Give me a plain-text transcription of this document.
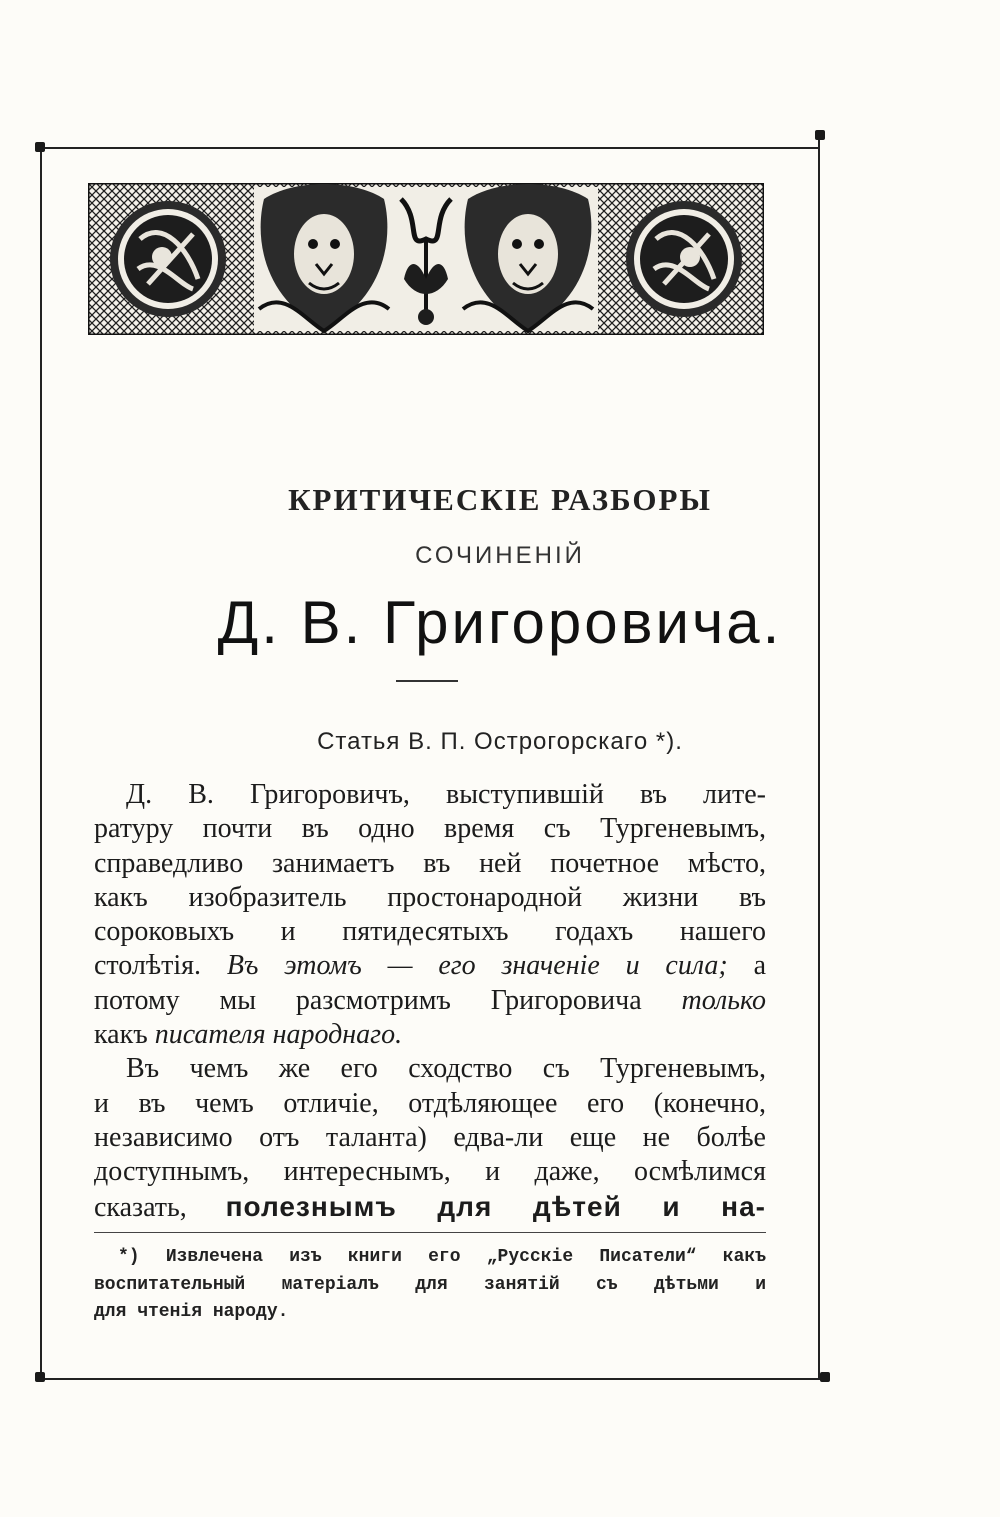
КРИТИЧЕСКІЕ РАЗБОРЫ
СОЧИНЕНІЙ
Д. В. Григоровича.
Статья В. П. Острогорскаго *).
Д. В. Григоровичъ, выступившій въ лите-
ратуру почти въ одно время съ Тургеневымъ,
справедливо занимаетъ въ ней почетное мѣсто,
какъ изобразитель простонародной жизни въ
сороковыхъ и пятидесятыхъ годахъ нашего
столѣтія. Въ этомъ — его значеніе и сила; а
потому мы разсмотримъ Григоровича только
какъ писателя народнаго.
Въ чемъ же его сходство съ Тургеневымъ,
и въ чемъ отличіе, отдѣляющее его (конечно,
независимо отъ таланта) едва-ли еще не болѣе
доступнымъ, интереснымъ, и даже, осмѣлимся
сказать, полезнымъ для дѣтей и на-
*) Извлечена изъ книги его „Русскіе Писатели“ какъ
воспитательный матеріалъ для занятій съ дѣтьми и
для чтенія народу.
